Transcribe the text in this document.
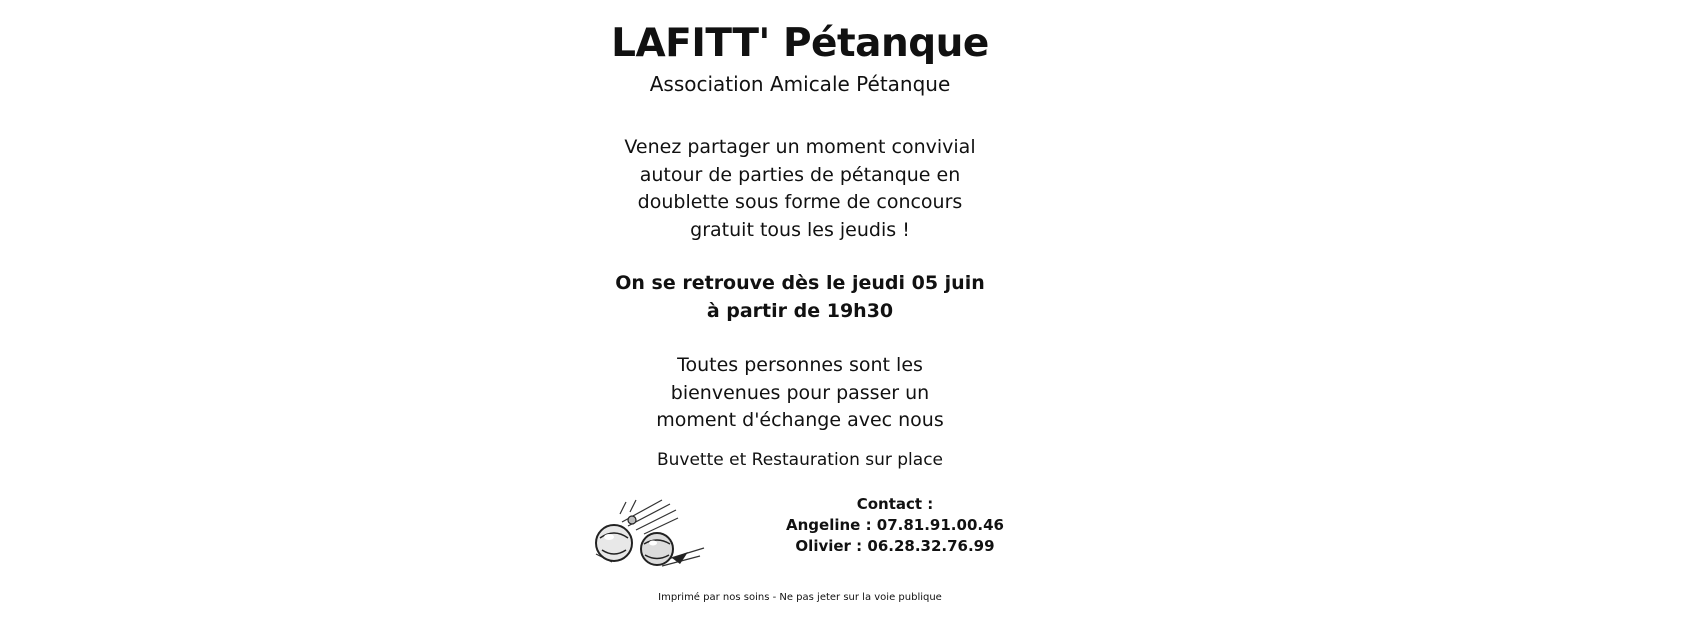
LAFITT' Pétanque
Association Amicale Pétanque
Venez partager un moment convivial
autour de parties de pétanque en
doublette sous forme de concours
gratuit tous les jeudis !
On se retrouve dès le jeudi 05 juin
à partir de 19h30
Toutes personnes sont les
bienvenues pour passer un
moment d'échange avec nous
Buvette et Restauration sur place
Contact :
Angeline : 07.81.91.00.46
Olivier : 06.28.32.76.99
Imprimé par nos soins - Ne pas jeter sur la voie publique
